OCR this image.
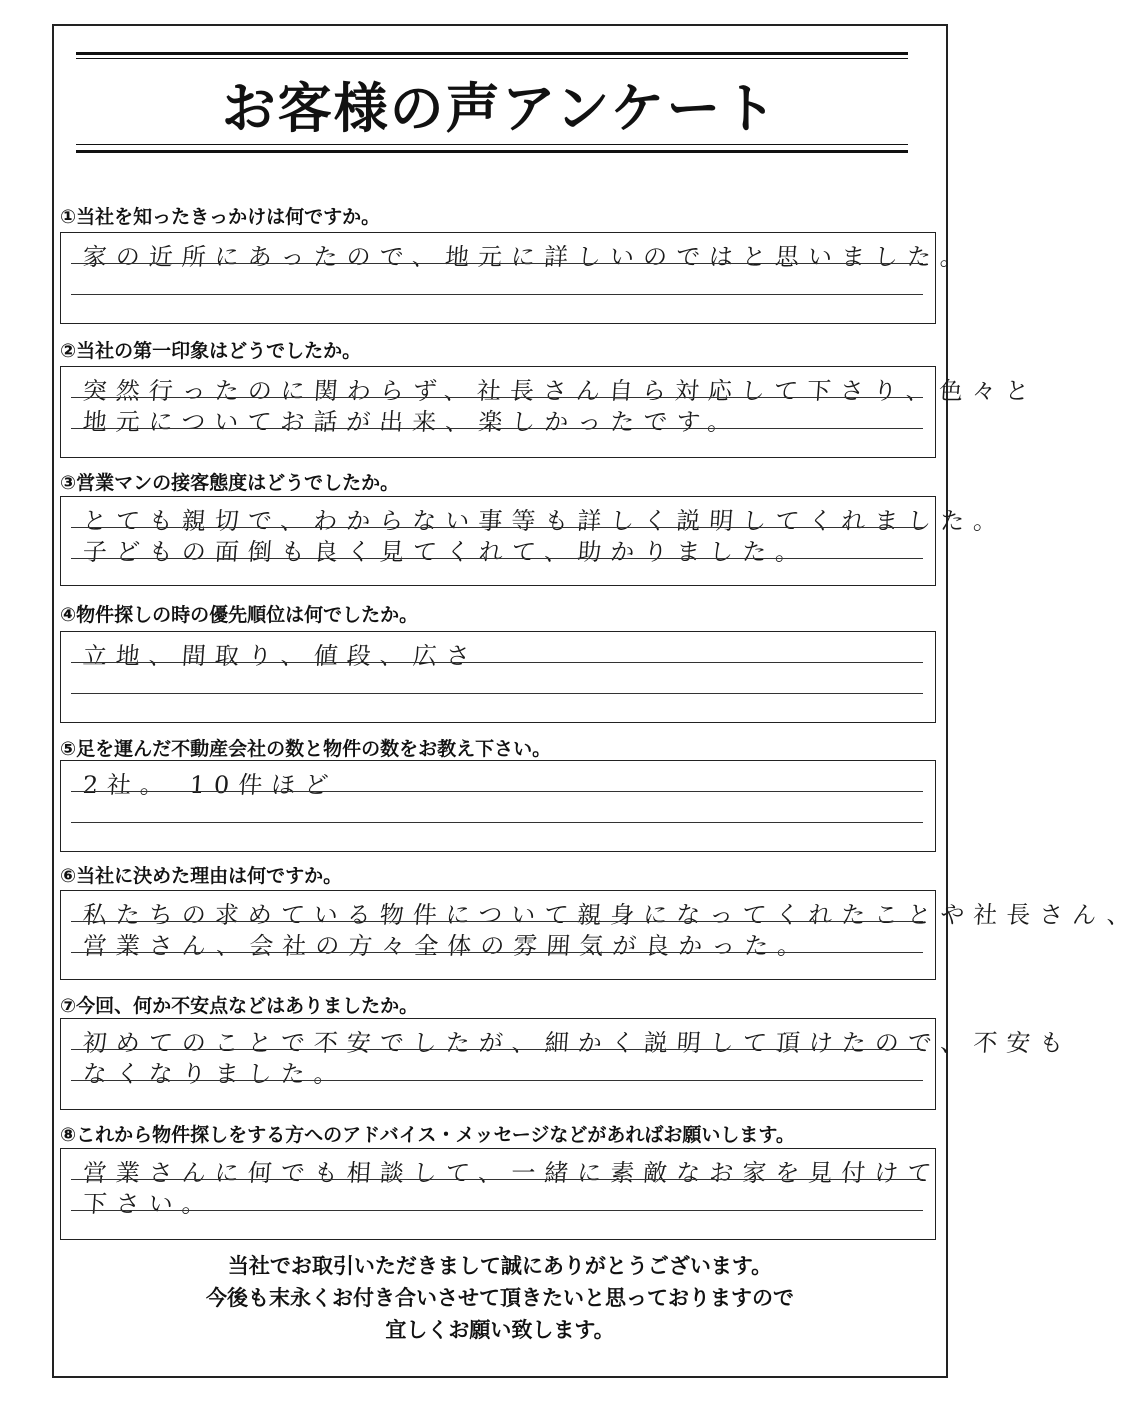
お客様の声アンケート
①当社を知ったきっかけは何ですか。
家の近所にあったので、地元に詳しいのではと思いました。
②当社の第一印象はどうでしたか。
突然行ったのに関わらず、社長さん自ら対応して下さり、色々と
地元についてお話が出来、楽しかったです。
③営業マンの接客態度はどうでしたか。
とても親切で、わからない事等も詳しく説明してくれました。
子どもの面倒も良く見てくれて、助かりました。
④物件探しの時の優先順位は何でしたか。
立地、間取り、値段、広さ
⑤足を運んだ不動産会社の数と物件の数をお教え下さい。
2社。 10件ほど
⑥当社に決めた理由は何ですか。
私たちの求めている物件について親身になってくれたことや社長さん、
営業さん、会社の方々全体の雰囲気が良かった。
⑦今回、何か不安点などはありましたか。
初めてのことで不安でしたが、細かく説明して頂けたので、不安も
なくなりました。
⑧これから物件探しをする方へのアドバイス・メッセージなどがあればお願いします。
営業さんに何でも相談して、一緒に素敵なお家を見付けて
下さい。
当社でお取引いただきまして誠にありがとうございます。
今後も末永くお付き合いさせて頂きたいと思っておりますので
宜しくお願い致します。
